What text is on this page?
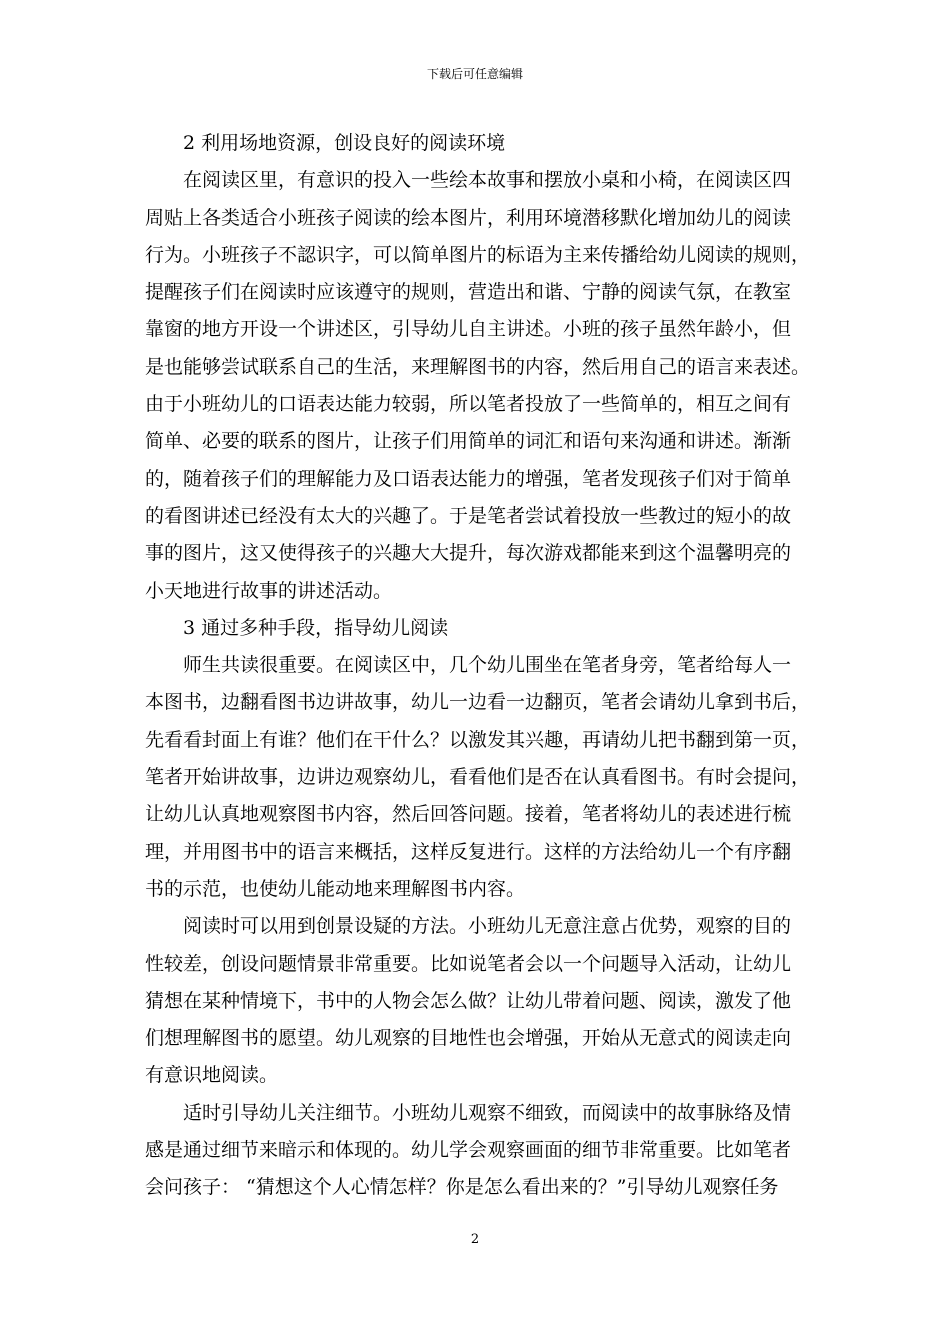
下载后可任意编辑
2 利用场地资源，创设良好的阅读环境
在阅读区里，有意识的投入一些绘本故事和摆放小桌和小椅，在阅读区四
周贴上各类适合小班孩子阅读的绘本图片，利用环境潜移默化增加幼儿的阅读
行为。小班孩子不認识字，可以简单图片的标语为主来传播给幼儿阅读的规则，
提醒孩子们在阅读时应该遵守的规则，营造出和谐、宁静的阅读气氛，在教室
靠窗的地方开设一个讲述区，引导幼儿自主讲述。小班的孩子虽然年龄小，但
是也能够尝试联系自己的生活，来理解图书的内容，然后用自己的语言来表述。
由于小班幼儿的口语表达能力较弱，所以笔者投放了一些简单的，相互之间有
简单、必要的联系的图片，让孩子们用简单的词汇和语句来沟通和讲述。渐渐
的，随着孩子们的理解能力及口语表达能力的增强，笔者发现孩子们对于简单
的看图讲述已经没有太大的兴趣了。于是笔者尝试着投放一些教过的短小的故
事的图片，这又使得孩子的兴趣大大提升，每次游戏都能来到这个温馨明亮的
小天地进行故事的讲述活动。
3 通过多种手段，指导幼儿阅读
师生共读很重要。在阅读区中，几个幼儿围坐在笔者身旁，笔者给每人一
本图书，边翻看图书边讲故事，幼儿一边看一边翻页，笔者会请幼儿拿到书后，
先看看封面上有谁？他们在干什么？以激发其兴趣，再请幼儿把书翻到第一页，
笔者开始讲故事，边讲边观察幼儿，看看他们是否在认真看图书。有时会提问，
让幼儿认真地观察图书内容，然后回答问题。接着，笔者将幼儿的表述进行梳
理，并用图书中的语言来概括，这样反复进行。这样的方法给幼儿一个有序翻
书的示范，也使幼儿能动地来理解图书内容。
阅读时可以用到创景设疑的方法。小班幼儿无意注意占优势，观察的目的
性较差，创设问题情景非常重要。比如说笔者会以一个问题导入活动，让幼儿
猜想在某种情境下，书中的人物会怎么做？让幼儿带着问题、阅读，激发了他
们想理解图书的愿望。幼儿观察的目地性也会增强，开始从无意式的阅读走向
有意识地阅读。
适时引导幼儿关注细节。小班幼儿观察不细致，而阅读中的故事脉络及情
感是通过细节来暗示和体现的。幼儿学会观察画面的细节非常重要。比如笔者
会问孩子： “猜想这个人心情怎样？你是怎么看出来的？”引导幼儿观察任务
2
